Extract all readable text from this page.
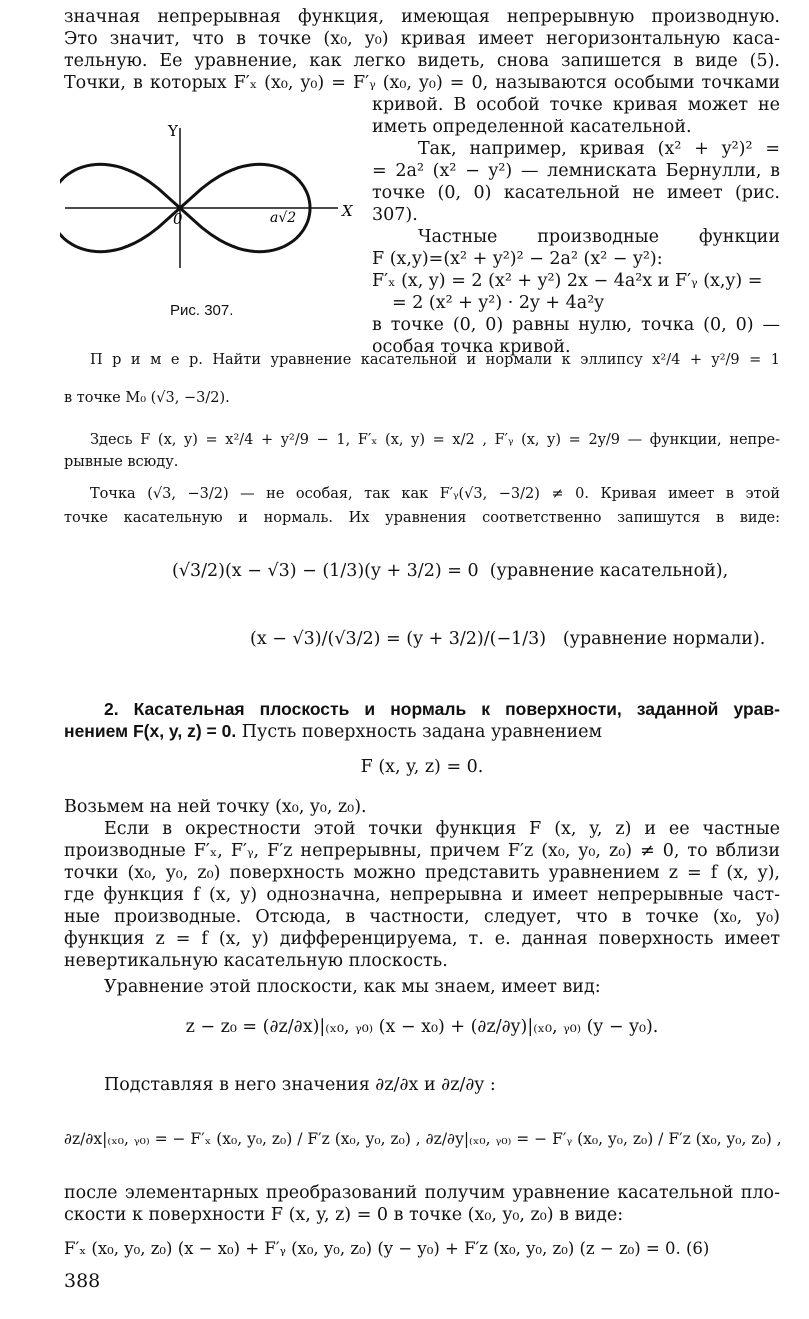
значная непрерывная функция, имеющая непрерывную производную.
Это значит, что в точке (x₀, y₀) кривая имеет негоризонтальную каса-
тельную. Ее уравнение, как легко видеть, снова запишется в виде (5).
Точки, в которых F′ₓ (x₀, y₀) = F′ᵧ (x₀, y₀) = 0, называются особыми точками
Y
X
0	a√2
Рис. 307.
кривой. В особой точке кривая может не
иметь определенной касательной.
Так, например, кривая (x² + y²)² =
= 2a² (x² − y²) — лемниската Бернулли, в
точке (0, 0) касательной не имеет (рис. 307).
Частные производные функции
F (x,y)=(x² + y²)² − 2a² (x² − y²):
F′ₓ (x, y) = 2 (x² + y²) 2x − 4a²x и F′ᵧ (x,y) =
= 2 (x² + y²) · 2y + 4a²y
в точке (0, 0) равны нулю, точка (0, 0) —
особая точка кривой.
П р и м е р. Найти уравнение касательной и нормали к эллипсу x²/4 + y²/9 = 1
в точке M₀ (√3, −3/2).
Здесь F (x, y) = x²/4 + y²/9 − 1, F′ₓ (x, y) = x/2 , F′ᵧ (x, y) = 2y/9 — функции, непре-
рывные всюду.
Точка (√3, −3/2) — не особая, так как F′ᵧ(√3, −3/2) ≠ 0. Кривая имеет в этой
точке касательную и нормаль. Их уравнения соответственно запишутся в виде:
(√3/2)(x − √3) − (1/3)(y + 3/2) = 0 (уравнение касательной),
(x − √3)/(√3/2) = (y + 3/2)/(−1/3) (уравнение нормали).
2. Касательная плоскость и нормаль к поверхности, заданной урав-
нением F(x, y, z) = 0. Пусть поверхность задана уравнением
F (x, y, z) = 0.
Возьмем на ней точку (x₀, y₀, z₀).
Если в окрестности этой точки функция F (x, y, z) и ее частные
производные F′ₓ, F′ᵧ, F′z непрерывны, причем F′z (x₀, y₀, z₀) ≠ 0, то вблизи
точки (x₀, y₀, z₀) поверхность можно представить уравнением z = f (x, y),
где функция f (x, y) однозначна, непрерывна и имеет непрерывные част-
ные производные. Отсюда, в частности, следует, что в точке (x₀, y₀)
функция z = f (x, y) дифференцируема, т. е. данная поверхность имеет
невертикальную касательную плоскость.
Уравнение этой плоскости, как мы знаем, имеет вид:
z − z₀ = (∂z/∂x)|₍ₓ₀, ᵧ₀₎ (x − x₀) + (∂z/∂y)|₍ₓ₀, ᵧ₀₎ (y − y₀).
Подставляя в него значения ∂z/∂x и ∂z/∂y :
∂z/∂x|₍ₓ₀, ᵧ₀₎ = − F′ₓ (x₀, y₀, z₀) / F′z (x₀, y₀, z₀) , ∂z/∂y|₍ₓ₀, ᵧ₀₎ = − F′ᵧ (x₀, y₀, z₀) / F′z (x₀, y₀, z₀) ,
после элементарных преобразований получим уравнение касательной пло-
скости к поверхности F (x, y, z) = 0 в точке (x₀, y₀, z₀) в виде:
F′ₓ (x₀, y₀, z₀) (x − x₀) + F′ᵧ (x₀, y₀, z₀) (y − y₀) + F′z (x₀, y₀, z₀) (z − z₀) = 0. (6)
388
